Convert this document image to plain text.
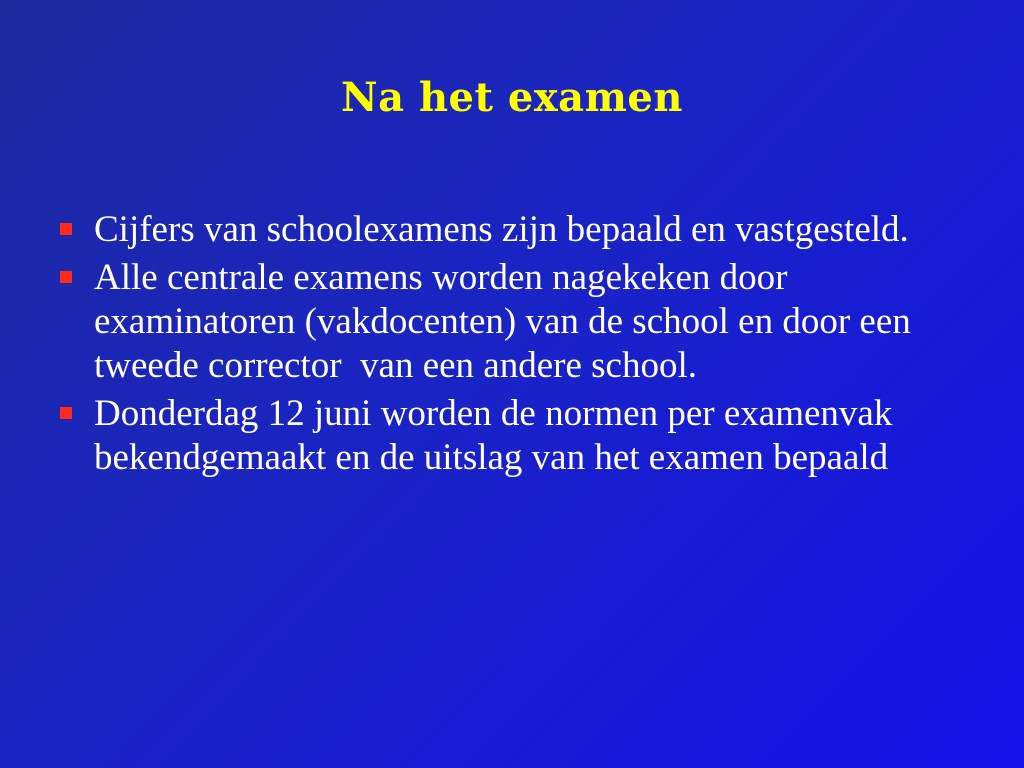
Na het examen
Cijfers van schoolexamens zijn bepaald en vastgesteld.
Alle centrale examens worden nagekeken door examinatoren (vakdocenten) van de school en door een tweede corrector  van een andere school.
Donderdag 12 juni worden de normen per examenvak bekendgemaakt en de uitslag van het examen bepaald
